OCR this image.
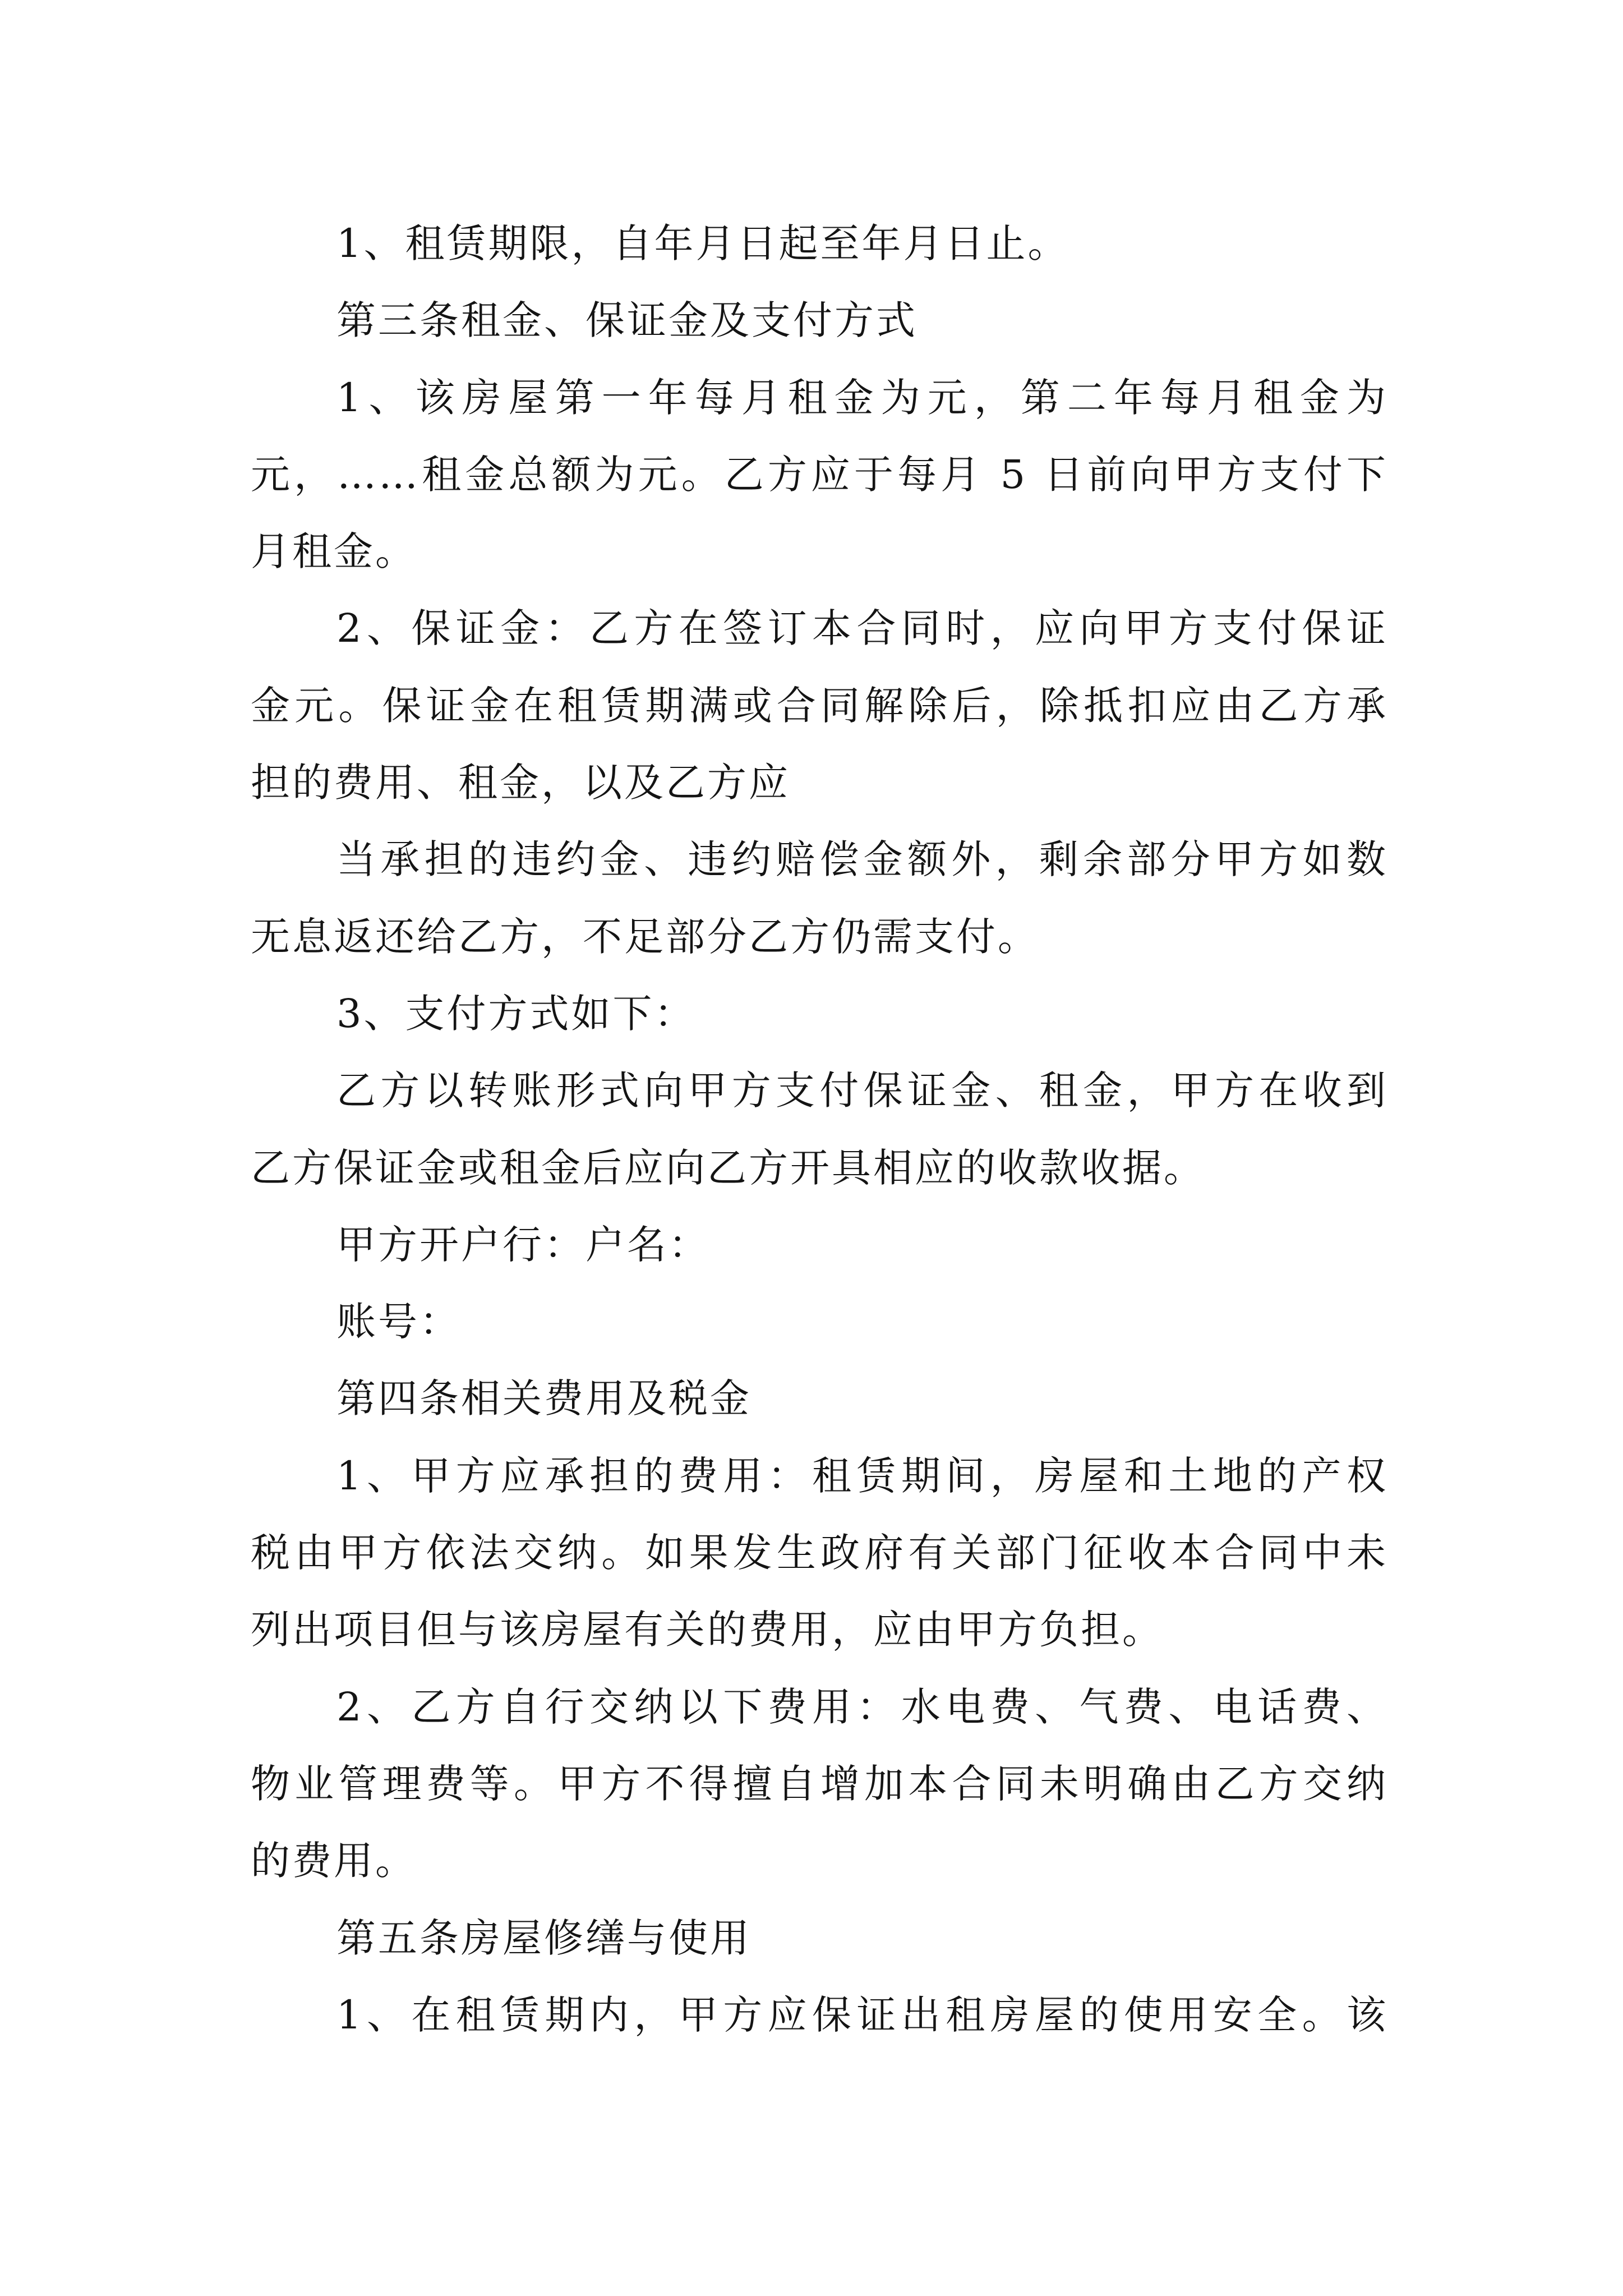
1、租赁期限，自年月日起至年月日止。
第三条租金、保证金及支付方式
1、该房屋第一年每月租金为元，第二年每月租金为
元，……租金总额为元。乙方应于每月 5 日前向甲方支付下
月租金。
2、保证金：乙方在签订本合同时，应向甲方支付保证
金元。保证金在租赁期满或合同解除后，除抵扣应由乙方承
担的费用、租金，以及乙方应
当承担的违约金、违约赔偿金额外，剩余部分甲方如数
无息返还给乙方，不足部分乙方仍需支付。
3、支付方式如下：
乙方以转账形式向甲方支付保证金、租金，甲方在收到
乙方保证金或租金后应向乙方开具相应的收款收据。
甲方开户行：户名：
账号：
第四条相关费用及税金
1、甲方应承担的费用：租赁期间，房屋和土地的产权
税由甲方依法交纳。如果发生政府有关部门征收本合同中未
列出项目但与该房屋有关的费用，应由甲方负担。
2、乙方自行交纳以下费用：水电费、气费、电话费、
物业管理费等。甲方不得擅自增加本合同未明确由乙方交纳
的费用。
第五条房屋修缮与使用
1、在租赁期内，甲方应保证出租房屋的使用安全。该
